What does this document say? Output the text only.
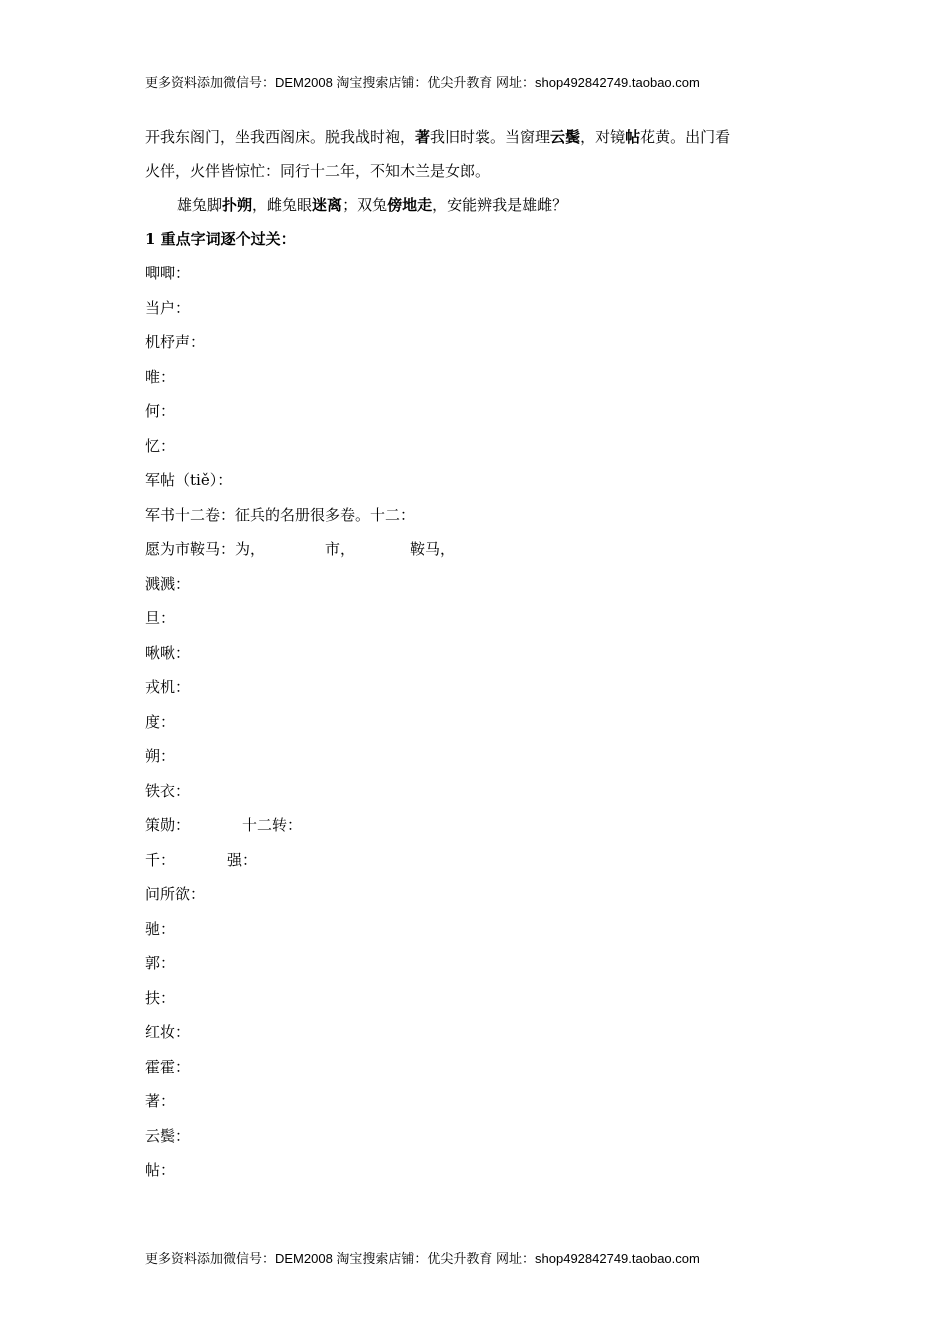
更多资料添加微信号：DEM2008 淘宝搜索店铺：优尖升教育 网址：shop492842749.taobao.com

开我东阁门，坐我西阁床。脱我战时袍，著我旧时裳。当窗理云鬓，对镜帖花黄。出门看

火伴，火伴皆惊忙：同行十二年，不知木兰是女郎。

雄兔脚扑朔，雌兔眼迷离；双兔傍地走，安能辨我是雄雌？

1 重点字词逐个过关：

唧唧：
当户：
机杼声：
唯：
何：
忆：
军帖（tiě）：
军书十二卷：征兵的名册很多卷。十二：
愿为市鞍马：为，	市，	鞍马，
溅溅：
旦：
啾啾：
戎机：
度：
朔：
铁衣：
策勋：	十二转：
千：	强：
问所欲：
驰：
郭：
扶：
红妆：
霍霍：
著：
云鬓：
帖：
更多资料添加微信号：DEM2008 淘宝搜索店铺：优尖升教育 网址：shop492842749.taobao.com
